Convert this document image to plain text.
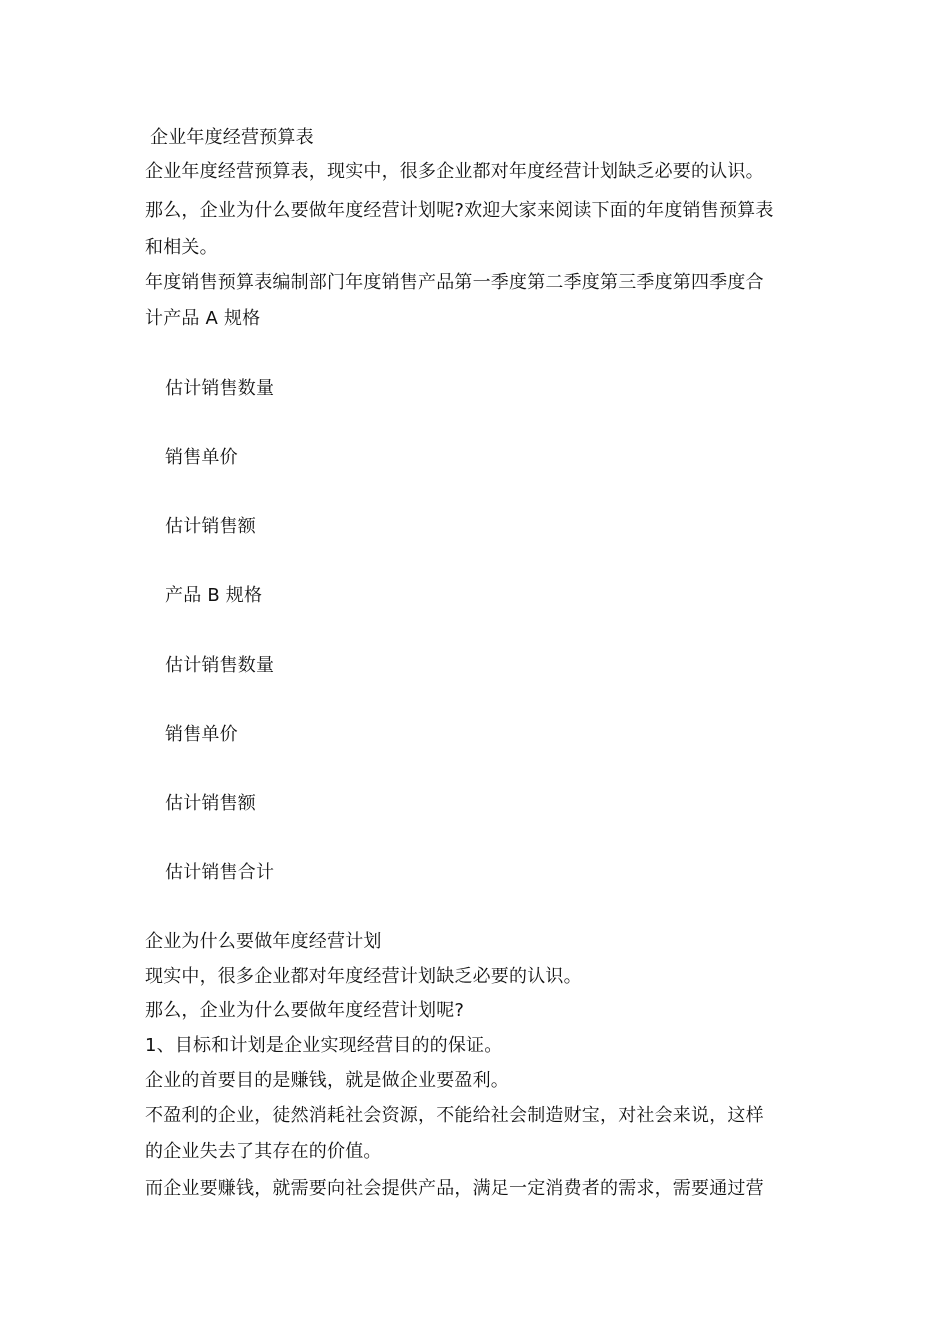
企业年度经营预算表
企业年度经营预算表，现实中，很多企业都对年度经营计划缺乏必要的认识。
那么，企业为什么要做年度经营计划呢?欢迎大家来阅读下面的年度销售预算表
和相关。
年度销售预算表编制部门年度销售产品第一季度第二季度第三季度第四季度合
计产品 A 规格
估计销售数量
销售单价
估计销售额
产品 B 规格
估计销售数量
销售单价
估计销售额
估计销售合计
企业为什么要做年度经营计划
现实中，很多企业都对年度经营计划缺乏必要的认识。
那么，企业为什么要做年度经营计划呢?
1、目标和计划是企业实现经营目的的保证。
企业的首要目的是赚钱，就是做企业要盈利。
不盈利的企业，徒然消耗社会资源，不能给社会制造财宝，对社会来说，这样
的企业失去了其存在的价值。
而企业要赚钱，就需要向社会提供产品，满足一定消费者的需求，需要通过营
